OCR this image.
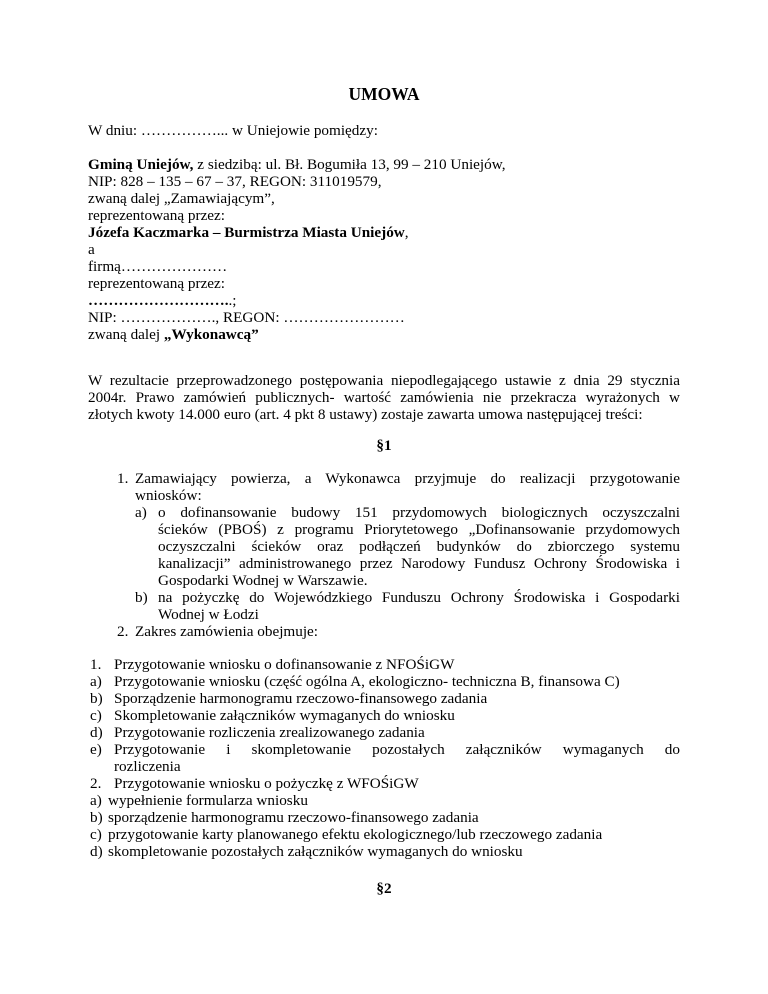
UMOWA
W dniu: ……………... w Uniejowie pomiędzy:
Gminą Uniejów, z siedzibą: ul. Bł. Bogumiła 13, 99 – 210 Uniejów,
NIP: 828 – 135 – 67 – 37, REGON: 311019579,
zwaną dalej „Zamawiającym”,
reprezentowaną przez:
Józefa Kaczmarka – Burmistrza Miasta Uniejów,
a
firmą…………………
reprezentowaną przez:
………………………..;
NIP: ………………., REGON: ……………………
zwaną dalej „Wykonawcą”
W rezultacie przeprowadzonego postępowania niepodlegającego ustawie z dnia 29 stycznia
2004r. Prawo zamówień publicznych- wartość zamówienia nie przekracza wyrażonych w
złotych kwoty 14.000 euro (art. 4 pkt 8 ustawy) zostaje zawarta umowa następującej treści:
§1
1. Zamawiający powierza, a Wykonawca przyjmuje do realizacji przygotowanie
wniosków:
a) o dofinansowanie budowy 151 przydomowych biologicznych oczyszczalni
ścieków (PBOŚ) z programu Priorytetowego „Dofinansowanie przydomowych
oczyszczalni ścieków oraz podłączeń budynków do zbiorczego systemu
kanalizacji” administrowanego przez Narodowy Fundusz Ochrony Środowiska i
Gospodarki Wodnej w Warszawie.
b) na pożyczkę do Wojewódzkiego Funduszu Ochrony Środowiska i Gospodarki
Wodnej w Łodzi
2. Zakres zamówienia obejmuje:
1. Przygotowanie wniosku o dofinansowanie z NFOŚiGW
a) Przygotowanie wniosku (część ogólna A, ekologiczno- techniczna B, finansowa C)
b) Sporządzenie harmonogramu rzeczowo-finansowego zadania
c) Skompletowanie załączników wymaganych do wniosku
d) Przygotowanie rozliczenia zrealizowanego zadania
e) Przygotowanie i skompletowanie pozostałych załączników wymaganych do
rozliczenia
2. Przygotowanie wniosku o pożyczkę z WFOŚiGW
a) wypełnienie formularza wniosku
b) sporządzenie harmonogramu rzeczowo-finansowego zadania
c) przygotowanie karty planowanego efektu ekologicznego/lub rzeczowego zadania
d) skompletowanie pozostałych załączników wymaganych do wniosku
§2
